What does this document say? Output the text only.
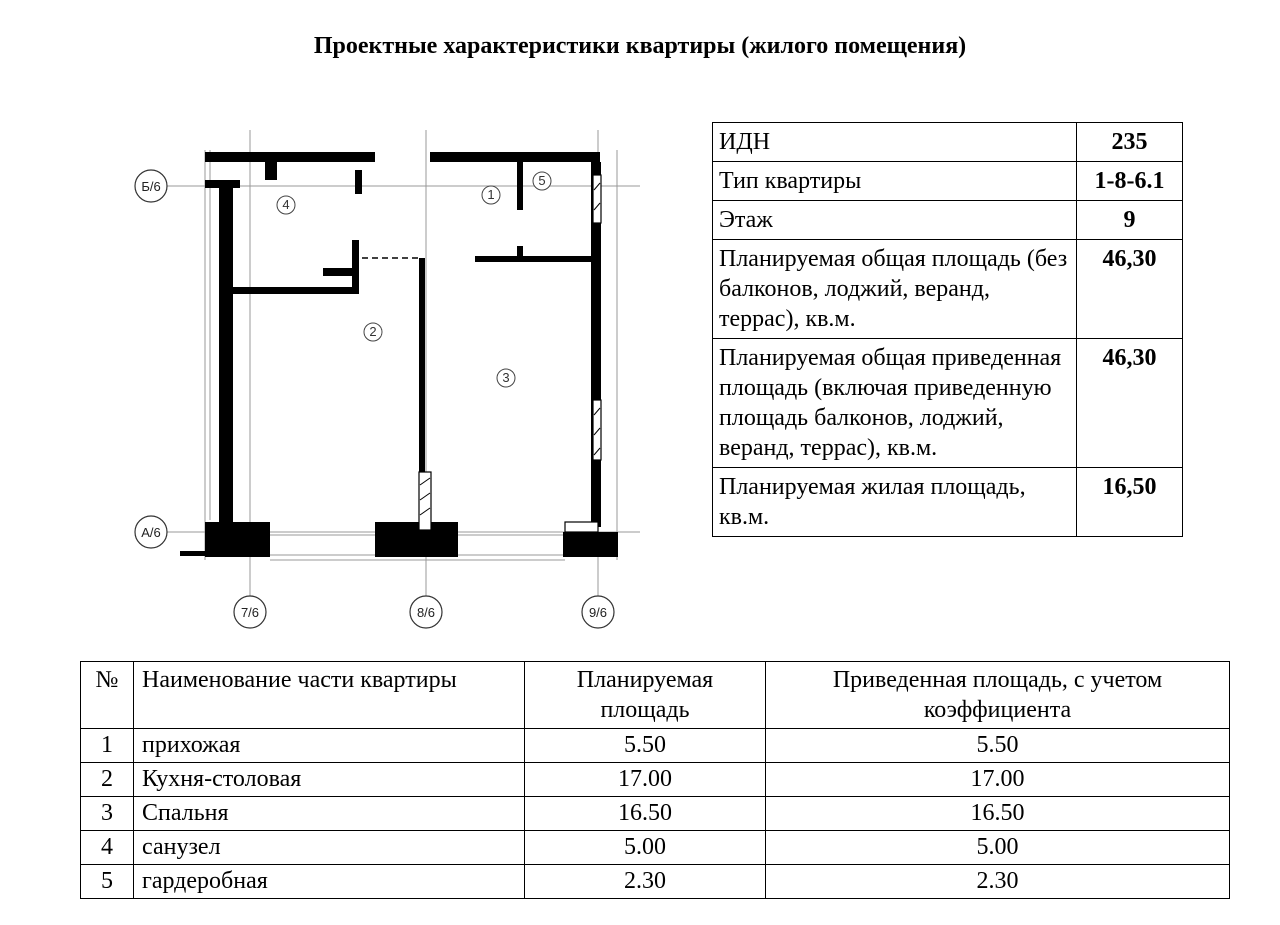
Проектные характеристики квартиры (жилого помещения)
Б/6
А/6
7/6	8/6	9/6
1
2
3
4
5
ИДН	235
Тип квартиры	1-8-6.1
Этаж	9
Планируемая общая площадь (без балконов, лоджий, веранд, террас), кв.м.	46,30
Планируемая общая приведенная площадь (включая приведенную площадь балконов, лоджий, веранд, террас), кв.м.	46,30
Планируемая жилая площадь, кв.м.	16,50
№	Наименование части квартиры	Планируемая площадь	Приведенная площадь, с учетом коэффициента
1	прихожая	5.50	5.50
2	Кухня-столовая	17.00	17.00
3	Спальня	16.50	16.50
4	санузел	5.00	5.00
5	гардеробная	2.30	2.30
